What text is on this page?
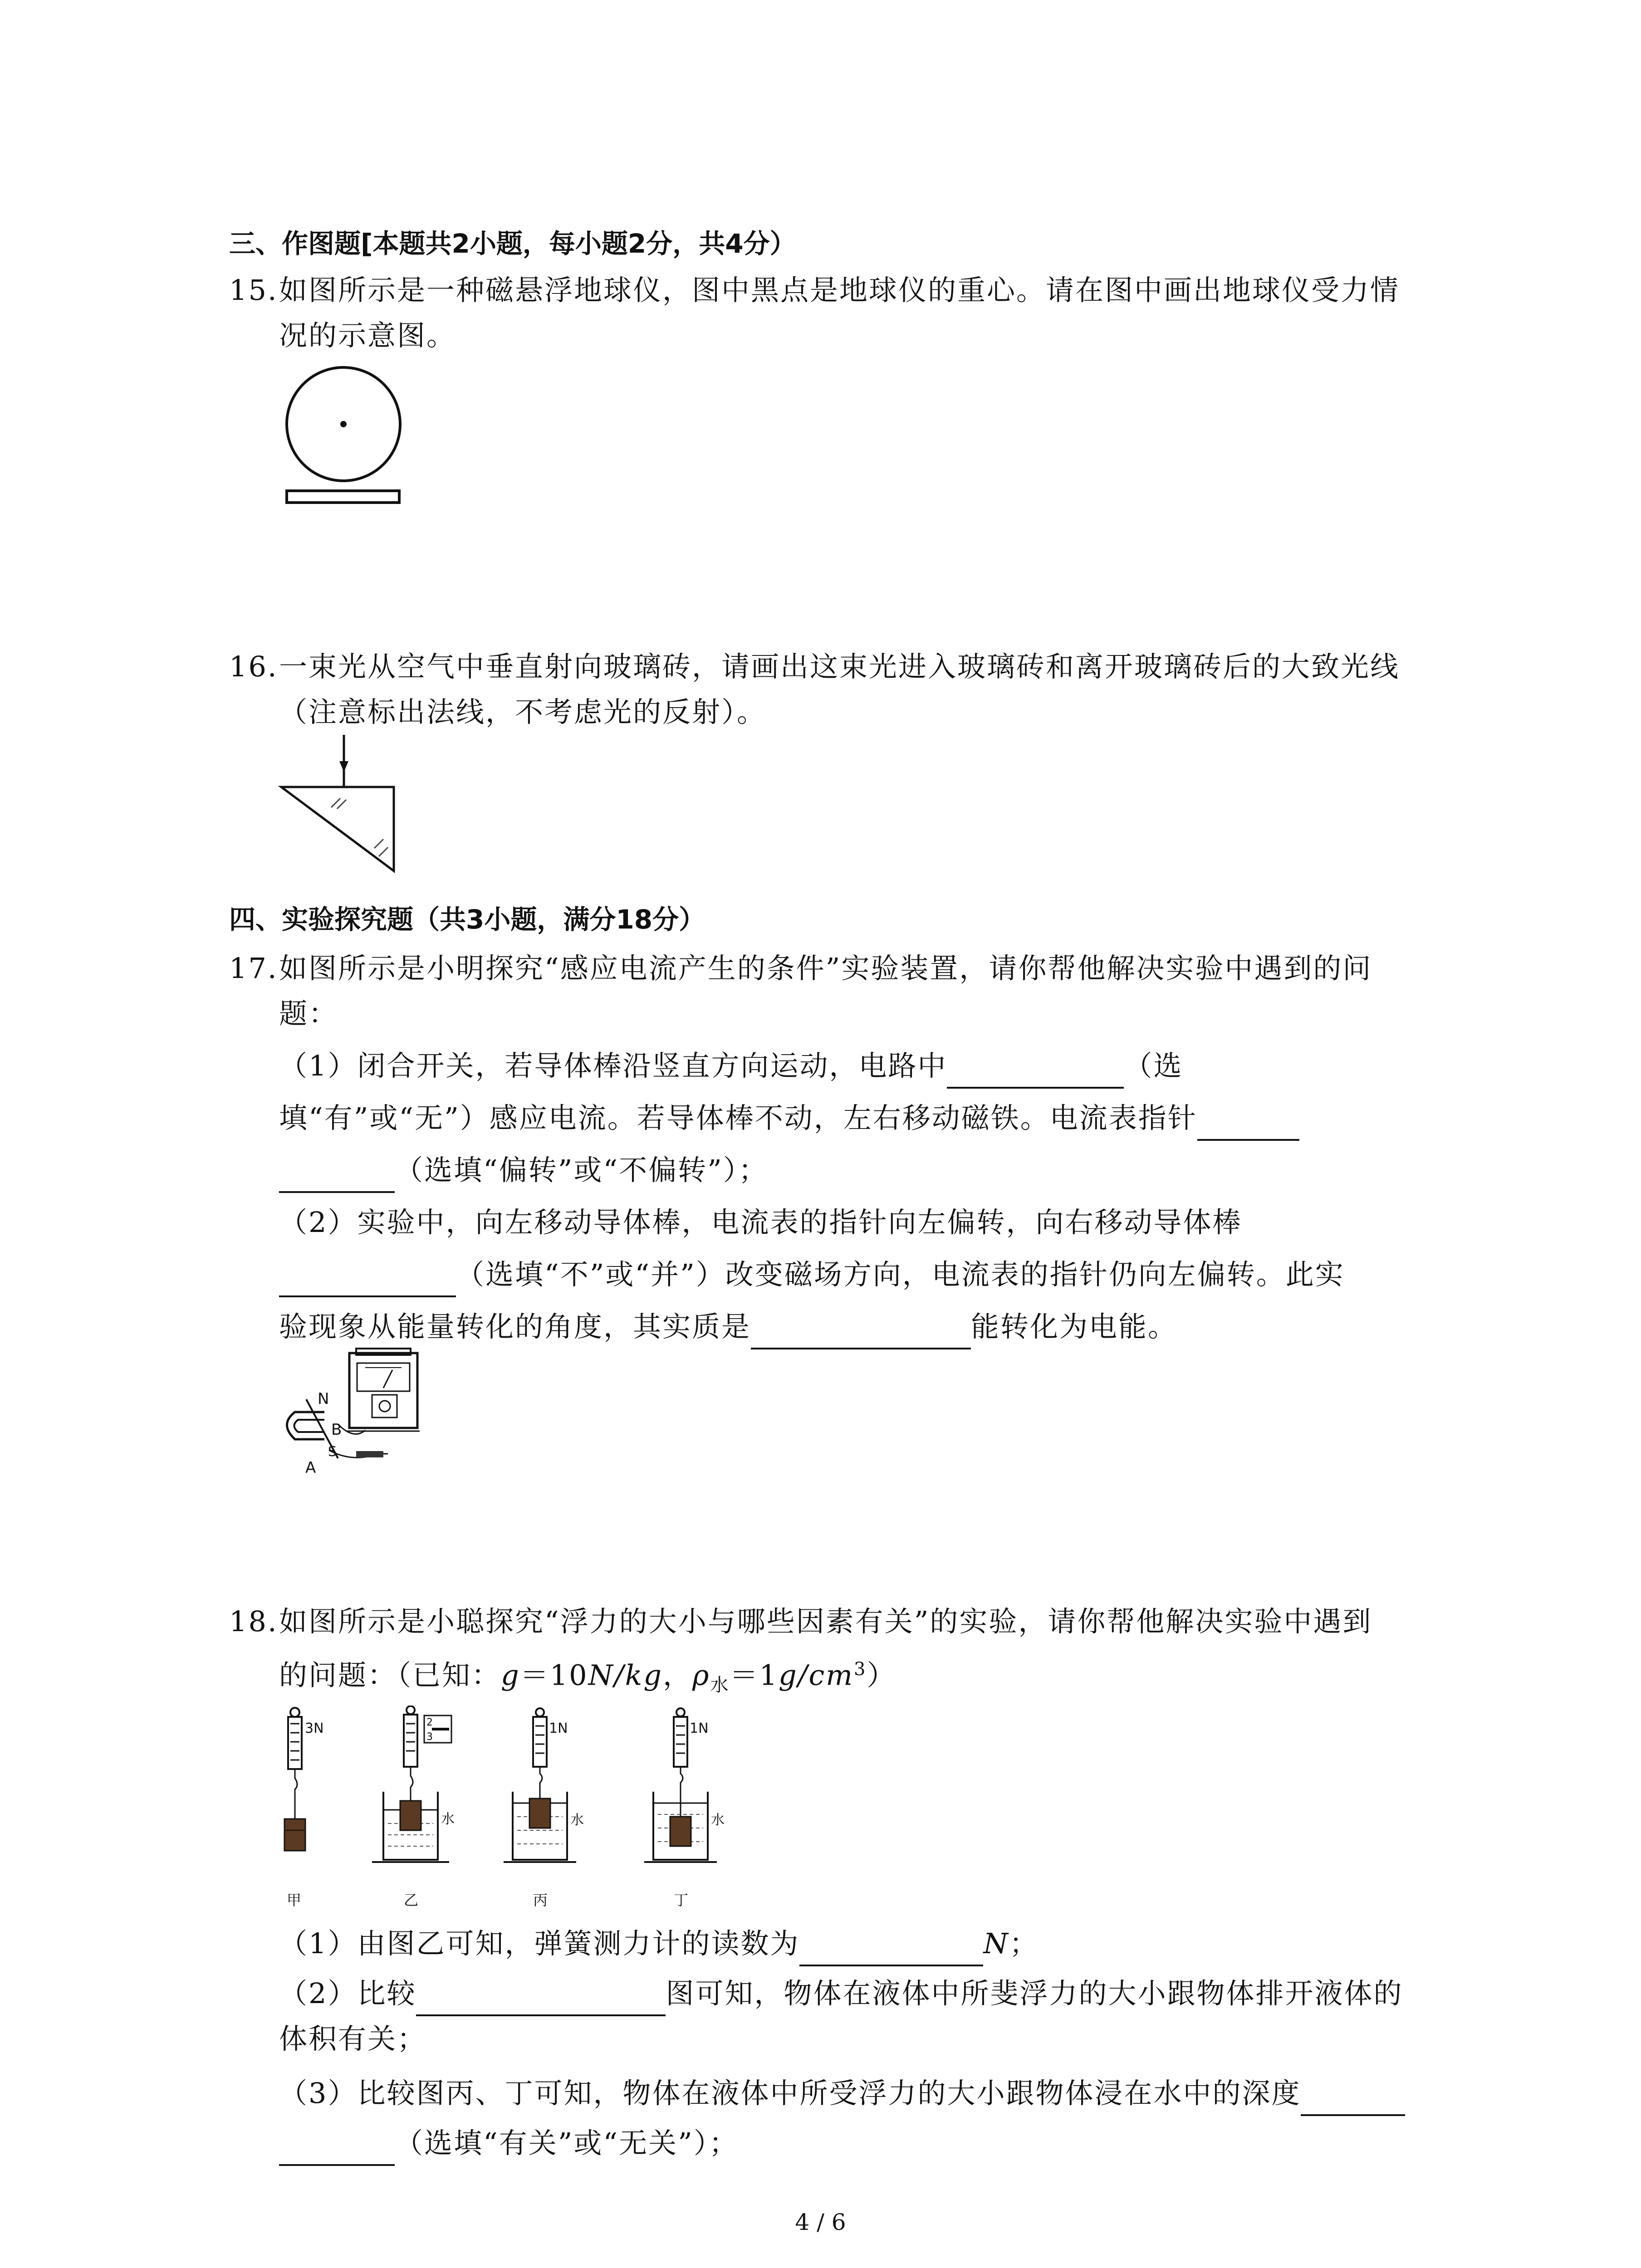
三、作图题[本题共2小题，每小题2分，共4分）
15. 如图所示是一种磁悬浮地球仪，图中黑点是地球仪的重心。请在图中画出地球仪受力情
况的示意图。
16. 一束光从空气中垂直射向玻璃砖，请画出这束光进入玻璃砖和离开玻璃砖后的大致光线
（注意标出法线，不考虑光的反射）。
四、实验探究题（共3小题，满分18分）
17. 如图所示是小明探究“感应电流产生的条件”实验装置，请你帮他解决实验中遇到的问
题：
（1）闭合开关，若导体棒沿竖直方向运动，电路中	（选
填“有”或“无”）感应电流。若导体棒不动，左右移动磁铁。电流表指针
（选填“偏转”或“不偏转”）；
（2）实验中，向左移动导体棒，电流表的指针向左偏转，向右移动导体棒
（选填“不”或“并”）改变磁场方向，电流表的指针仍向左偏转。此实
验现象从能量转化的角度，其实质是	能转化为电能。
N
B
S
A
18. 如图所示是小聪探究“浮力的大小与哪些因素有关”的实验，请你帮他解决实验中遇到
的问题：（已知：g＝10N/kg，$\rho_水=1g/cm^3$）
3N	2
3
水
1N
水
1N
水
甲	乙	丙	丁
（1）由图乙可知，弹簧测力计的读数为	N；
（2）比较	图可知，物体在液体中所斐浮力的大小跟物体排开液体的
体积有关；
（3）比较图丙、丁可知，物体在液体中所受浮力的大小跟物体浸在水中的深度
（选填“有关”或“无关”）；
4 / 6
